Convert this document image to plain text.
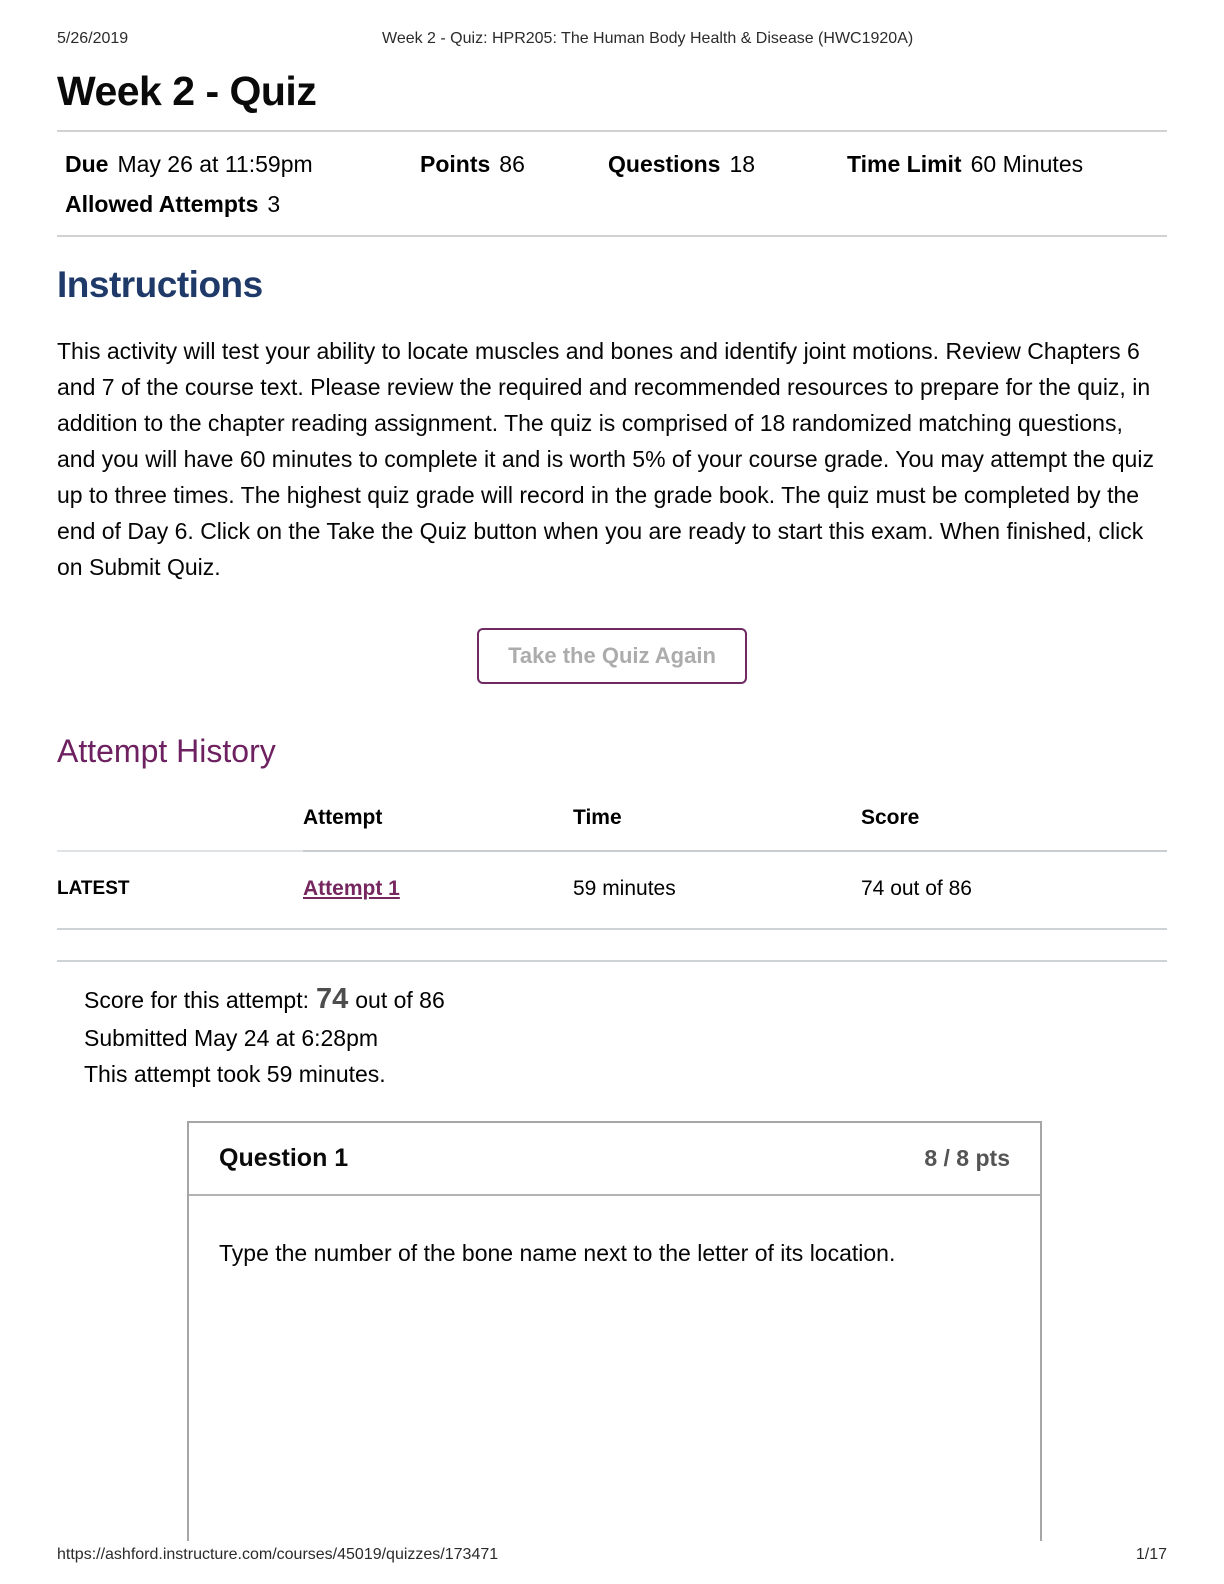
5/26/2019	Week 2 - Quiz: HPR205: The Human Body Health & Disease (HWC1920A)
Week 2 - Quiz
Due May 26 at 11:59pm	Points 86	Questions 18	Time Limit 60 Minutes
Allowed Attempts 3
Instructions

This activity will test your ability to locate muscles and bones and identify joint motions. Review Chapters 6 and 7 of the course text. Please review the required and recommended resources to prepare for the quiz, in addition to the chapter reading assignment. The quiz is comprised of 18 randomized matching questions, and you will have 60 minutes to complete it and is worth 5% of your course grade. You may attempt the quiz up to three times. The highest quiz grade will record in the grade book. The quiz must be completed by the end of Day 6. Click on the Take the Quiz button when you are ready to start this exam. When finished, click on Submit Quiz.

Take the Quiz Again
Attempt History
	Attempt	Time	Score
LATEST	Attempt 1	59 minutes	74 out of 86
Score for this attempt: 74 out of 86
Submitted May 24 at 6:28pm
This attempt took 59 minutes.
Question 1	8 / 8 pts
Type the number of the bone name next to the letter of its location.
https://ashford.instructure.com/courses/45019/quizzes/173471	1/17
